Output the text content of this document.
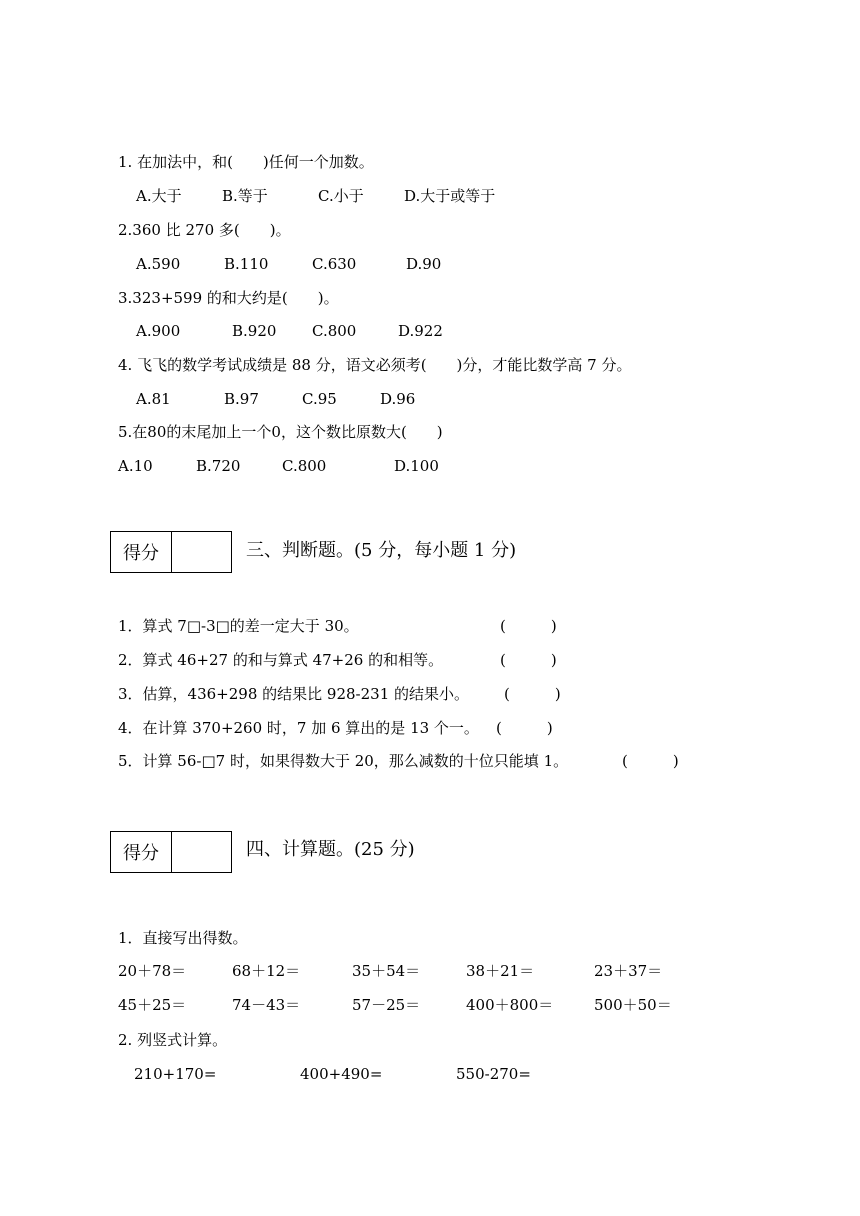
1. 在加法中，和(　　)任何一个加数。
A.大于	B.等于	C.小于	D.大于或等于
2.360 比 270 多(　　)。
A.590	B.110	C.630	D.90
3.323+599 的和大约是(　　)。
A.900	B.920 C.800	D.922
4. 飞飞的数学考试成绩是 88 分，语文必须考(　　)分，才能比数学高 7 分。
A.81	B.97	C.95	D.96
5.在80的末尾加上一个0，这个数比原数大(　　)
A.10	B.720	C.800	D.100
得分	三、判断题。(5 分，每小题 1 分)
1．算式 7□-3□的差一定大于 30。	(　　　)
2．算式 46+27 的和与算式 47+26 的和相等。	(　　　)
3．估算，436+298 的结果比 928-231 的结果小。 (　　　)
4．在计算 370+260 时，7 加 6 算出的是 13 个一。 (　　　)
5．计算 56-□7 时，如果得数大于 20，那么减数的十位只能填 1。	(　　　)
得分	四、计算题。(25 分)
1．直接写出得数。
20＋78＝	68＋12＝	35＋54＝	38＋21＝	23＋37＝
45＋25＝	74－43＝	57－25＝	400＋800＝	500＋50＝
2. 列竖式计算。
210+170=	400+490=	550-270=
